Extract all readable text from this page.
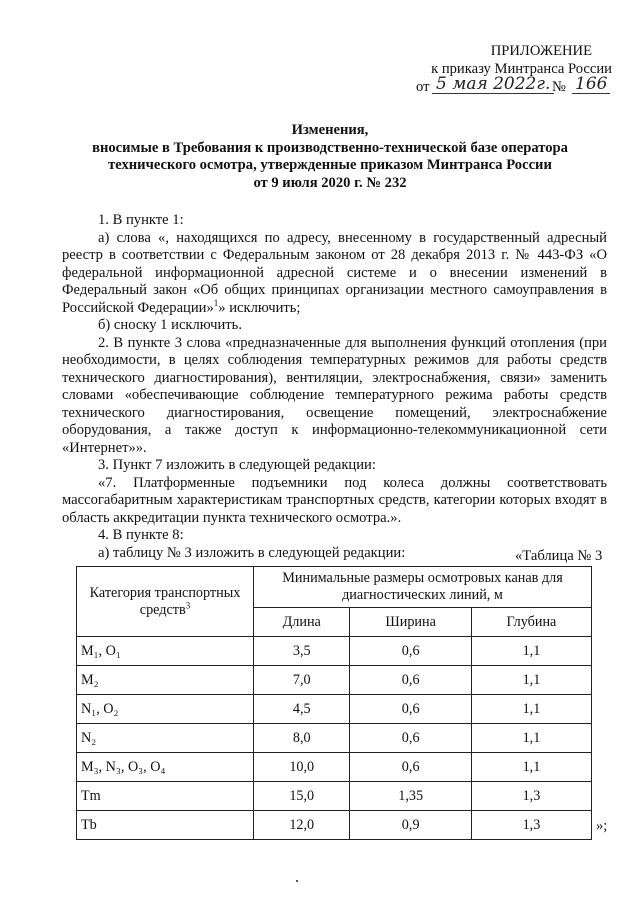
ПРИЛОЖЕНИЕ
к приказу Минтранса России
от 5 мая 2022г. № 166
Изменения,
вносимые в Требования к производственно-технической базе оператора
технического осмотра, утвержденные приказом Минтранса России
от 9 июля 2020 г. № 232

1. В пункте 1:

а) слова «, находящихся по адресу, внесенному в государственный адресный реестр в соответствии с Федеральным законом от 28 декабря 2013 г. № 443-ФЗ «О федеральной информационной адресной системе и о внесении изменений в Федеральный закон «Об общих принципах организации местного самоуправления в Российской Федерации»$^1$» исключить;

б) сноску 1 исключить.

2. В пункте 3 слова «предназначенные для выполнения функций отопления (при необходимости, в целях соблюдения температурных режимов для работы средств технического диагностирования), вентиляции, электроснабжения, связи» заменить словами «обеспечивающие соблюдение температурного режима работы средств технического диагностирования, освещение помещений, электроснабжение оборудования, а также доступ к информационно-телекоммуникационной сети «Интернет»».

3. Пункт 7 изложить в следующей редакции:

«7. Платформенные подъемники под колеса должны соответствовать массогабаритным характеристикам транспортных средств, категории которых входят в область аккредитации пункта технического осмотра.».

4. В пункте 8:

а) таблицу № 3 изложить в следующей редакции:	«Таблица № 3
Категория транспортных средств$^3$	Минимальные размеры осмотровых канав для диагностических линий, м		
	Длина	Ширина	Глубина
M₁, O₁	3,5	0,6	1,1
M₂	7,0	0,6	1,1
N₁, O₂	4,5	0,6	1,1
N₂	8,0	0,6	1,1
M₃, N₃, O₃, O₄	10,0	0,6	1,1
Tm	15,0	1,35	1,3
Tb	12,0	0,9	1,3	»;
